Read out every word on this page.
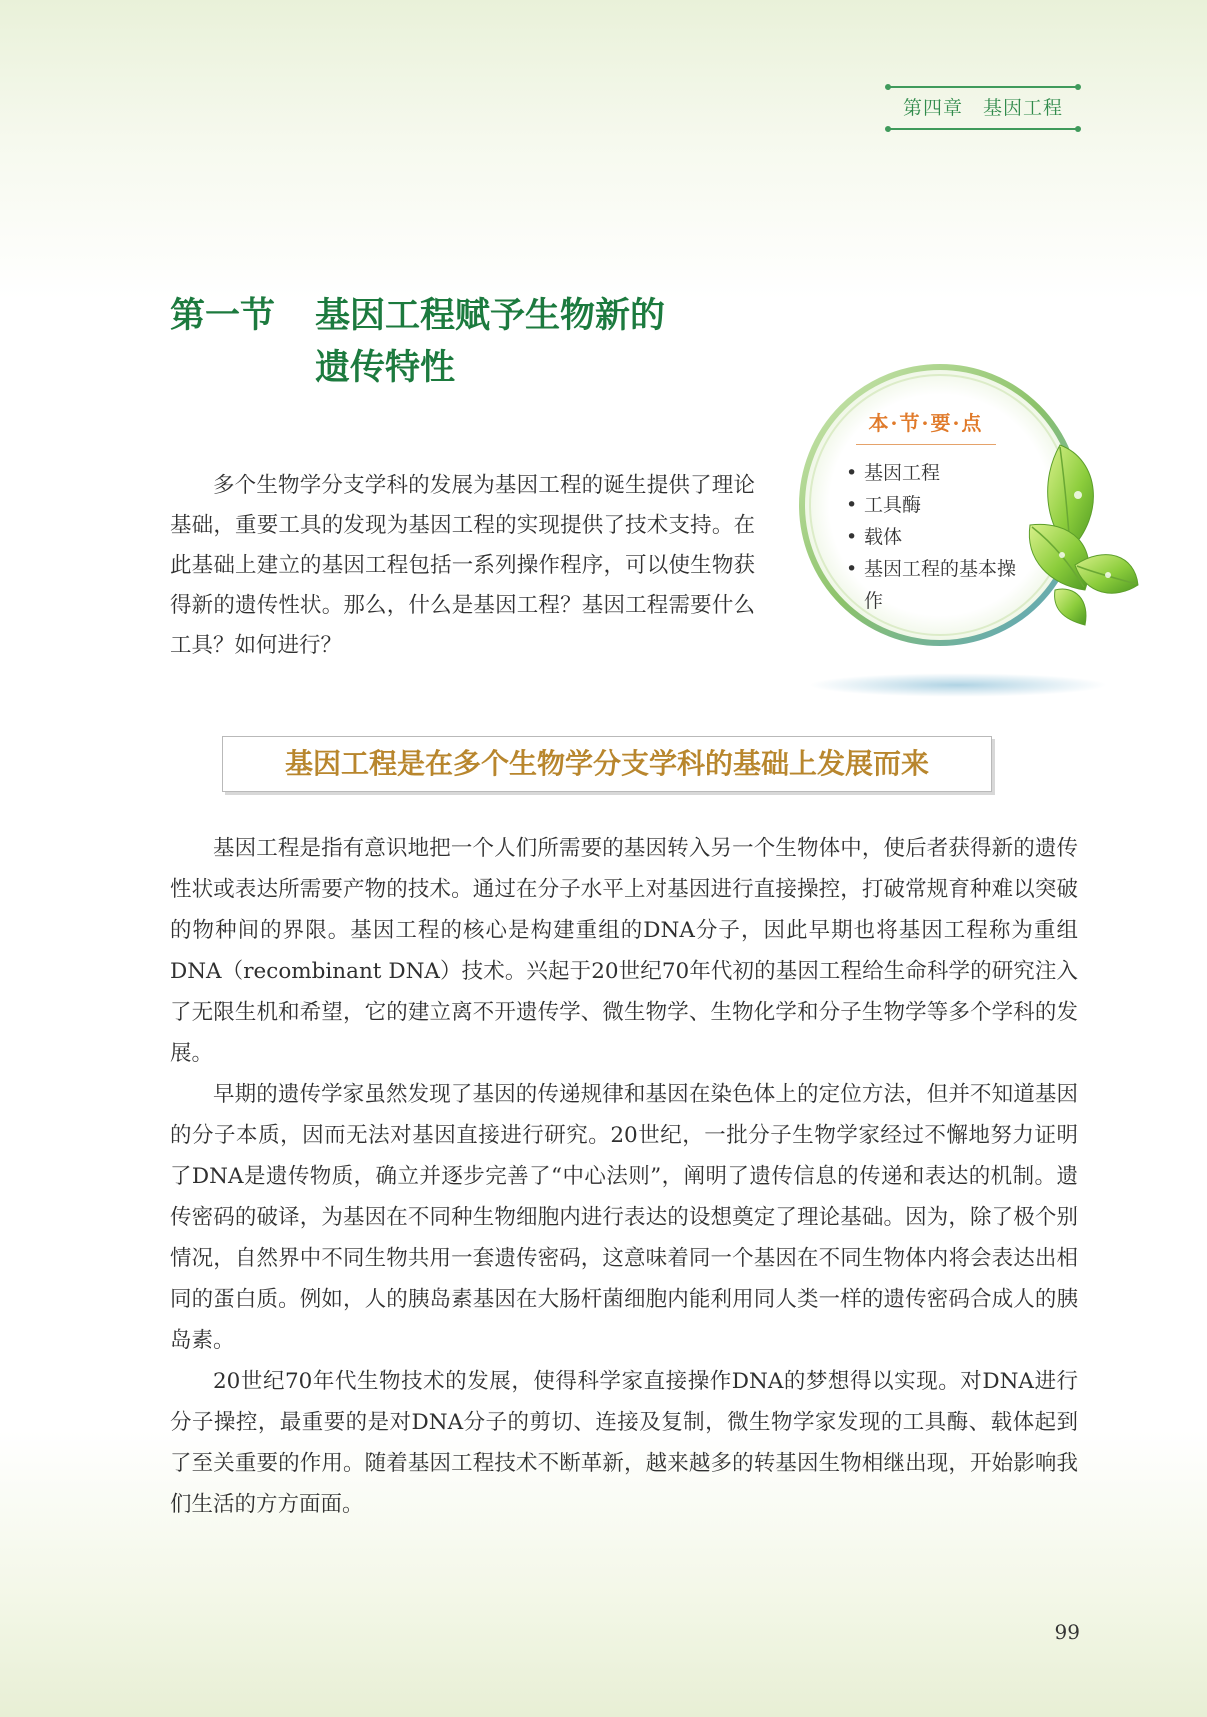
第四章　基因工程
第一节 基因工程赋予生物新的
遗传特性

多个生物学分支学科的发展为基因工程的诞生提供了理论基础，重要工具的发现为基因工程的实现提供了技术支持。在此基础上建立的基因工程包括一系列操作程序，可以使生物获得新的遗传性状。那么，什么是基因工程？基因工程需要什么工具？如何进行？

本·节·要·点
• 基因工程
• 工具酶
• 载体
• 基因工程的基本操作
基因工程是在多个生物学分支学科的基础上发展而来

基因工程是指有意识地把一个人们所需要的基因转入另一个生物体中，使后者获得新的遗传性状或表达所需要产物的技术。通过在分子水平上对基因进行直接操控，打破常规育种难以突破的物种间的界限。基因工程的核心是构建重组的DNA分子，因此早期也将基因工程称为重组DNA（recombinant DNA）技术。兴起于20世纪70年代初的基因工程给生命科学的研究注入了无限生机和希望，它的建立离不开遗传学、微生物学、生物化学和分子生物学等多个学科的发展。

早期的遗传学家虽然发现了基因的传递规律和基因在染色体上的定位方法，但并不知道基因的分子本质，因而无法对基因直接进行研究。20世纪，一批分子生物学家经过不懈地努力证明了DNA是遗传物质，确立并逐步完善了“中心法则”，阐明了遗传信息的传递和表达的机制。遗传密码的破译，为基因在不同种生物细胞内进行表达的设想奠定了理论基础。因为，除了极个别情况，自然界中不同生物共用一套遗传密码，这意味着同一个基因在不同生物体内将会表达出相同的蛋白质。例如，人的胰岛素基因在大肠杆菌细胞内能利用同人类一样的遗传密码合成人的胰岛素。

20世纪70年代生物技术的发展，使得科学家直接操作DNA的梦想得以实现。对DNA进行分子操控，最重要的是对DNA分子的剪切、连接及复制，微生物学家发现的工具酶、载体起到了至关重要的作用。随着基因工程技术不断革新，越来越多的转基因生物相继出现，开始影响我们生活的方方面面。

99
